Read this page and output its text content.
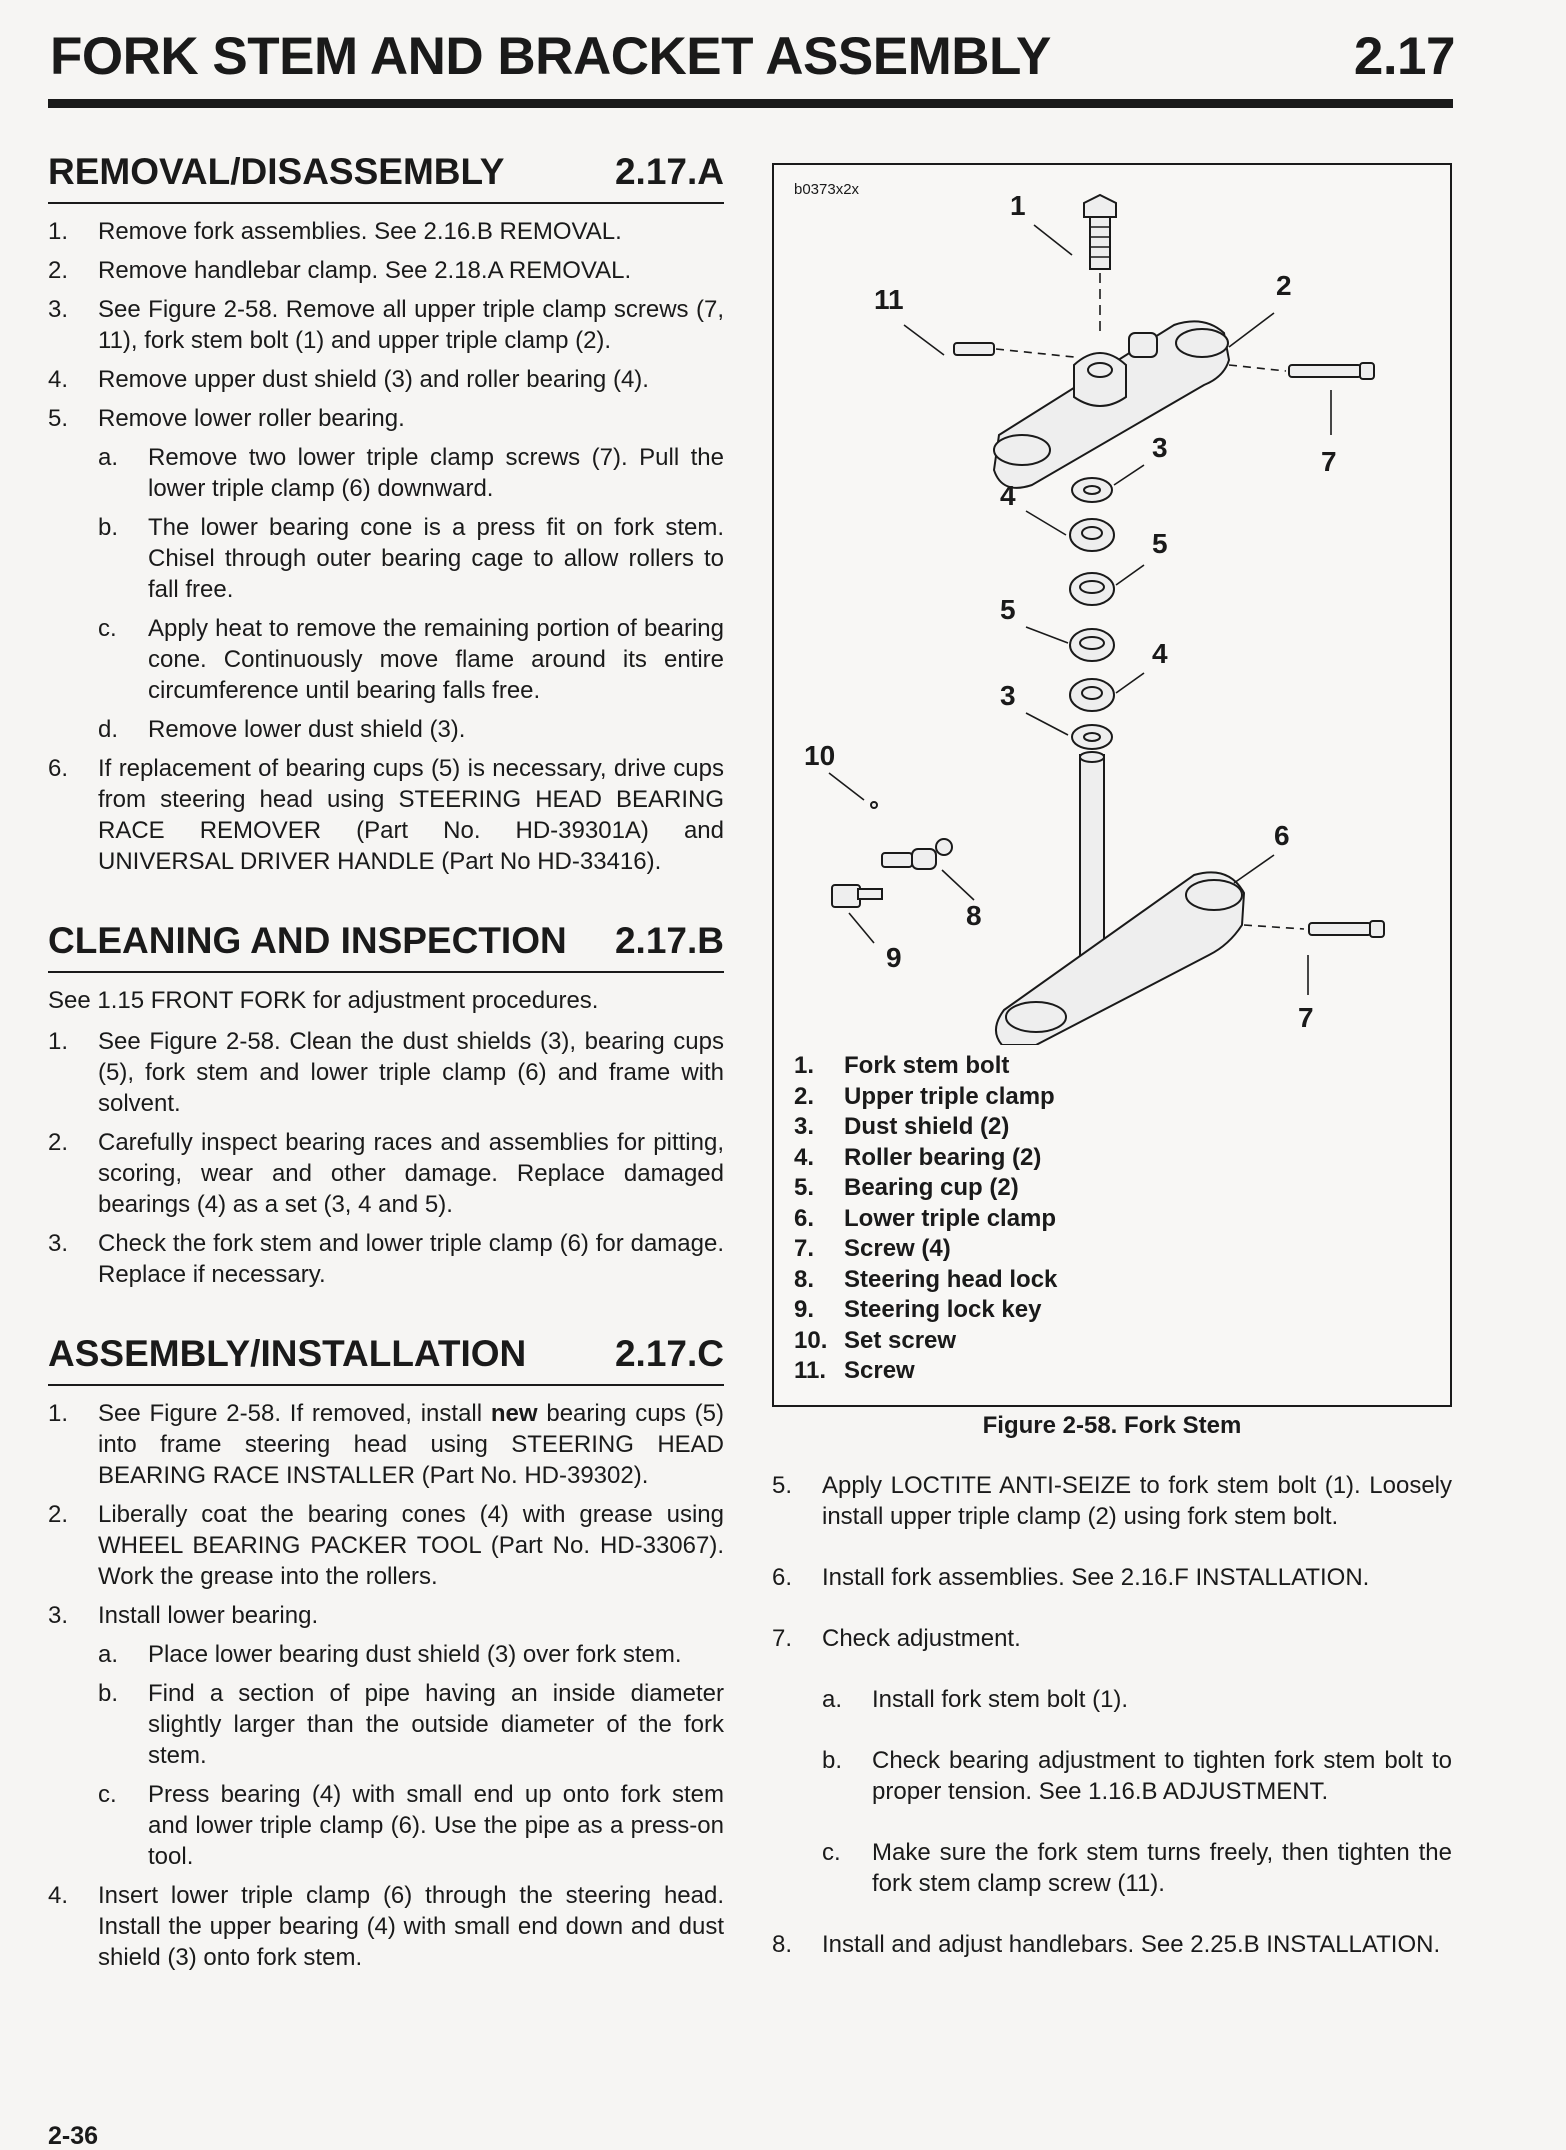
FORK STEM AND BRACKET ASSEMBLY	2.17
REMOVAL/DISASSEMBLY	2.17.A
1.	Remove fork assemblies. See 2.16.B REMOVAL.
2.	Remove handlebar clamp. See 2.18.A REMOVAL.
3.	See Figure 2-58. Remove all upper triple clamp screws (7, 11), fork stem bolt (1) and upper triple clamp (2).
4.	Remove upper dust shield (3) and roller bearing (4).
5.	Remove lower roller bearing.
a.	Remove two lower triple clamp screws (7). Pull the lower triple clamp (6) downward.
b.	The lower bearing cone is a press fit on fork stem. Chisel through outer bearing cage to allow rollers to fall free.
c.	Apply heat to remove the remaining portion of bearing cone. Continuously move flame around its entire circumference until bearing falls free.
d.	Remove lower dust shield (3).
6.	If replacement of bearing cups (5) is necessary, drive cups from steering head using STEERING HEAD BEARING RACE REMOVER (Part No. HD-39301A) and UNIVERSAL DRIVER HANDLE (Part No HD-33416).
CLEANING AND INSPECTION 2.17.B
See 1.15 FRONT FORK for adjustment procedures.
1.	See Figure 2-58. Clean the dust shields (3), bearing cups (5), fork stem and lower triple clamp (6) and frame with solvent.
2.	Carefully inspect bearing races and assemblies for pitting, scoring, wear and other damage. Replace damaged bearings (4) as a set (3, 4 and 5).
3.	Check the fork stem and lower triple clamp (6) for damage. Replace if necessary.
ASSEMBLY/INSTALLATION 2.17.C
1.	See Figure 2-58. If removed, install new bearing cups (5) into frame steering head using STEERING HEAD BEARING RACE INSTALLER (Part No. HD-39302).
2.	Liberally coat the bearing cones (4) with grease using WHEEL BEARING PACKER TOOL (Part No. HD-33067). Work the grease into the rollers.
3.	Install lower bearing.
a.	Place lower bearing dust shield (3) over fork stem.
b.	Find a section of pipe having an inside diameter slightly larger than the outside diameter of the fork stem.
c.	Press bearing (4) with small end up onto fork stem and lower triple clamp (6). Use the pipe as a press-on tool.
4.	Insert lower triple clamp (6) through the steering head. Install the upper bearing (4) with small end down and dust shield (3) onto fork stem.
b0373x2x
1
11	2
3	7
4
5
5
4
3
10
6
8
9
7
1.	Fork stem bolt
2.	Upper triple clamp
3.	Dust shield (2)
4.	Roller bearing (2)
5.	Bearing cup (2)
6.	Lower triple clamp
7.	Screw (4)
8.	Steering head lock
9.	Steering lock key
10. Set screw
11. Screw
Figure 2-58. Fork Stem
5.	Apply LOCTITE ANTI-SEIZE to fork stem bolt (1). Loosely install upper triple clamp (2) using fork stem bolt.
6.	Install fork assemblies. See 2.16.F INSTALLATION.
7.	Check adjustment.
a.	Install fork stem bolt (1).
b.	Check bearing adjustment to tighten fork stem bolt to proper tension. See 1.16.B ADJUSTMENT.
c.	Make sure the fork stem turns freely, then tighten the fork stem clamp screw (11).
8.	Install and adjust handlebars. See 2.25.B INSTALLATION.
2-36
